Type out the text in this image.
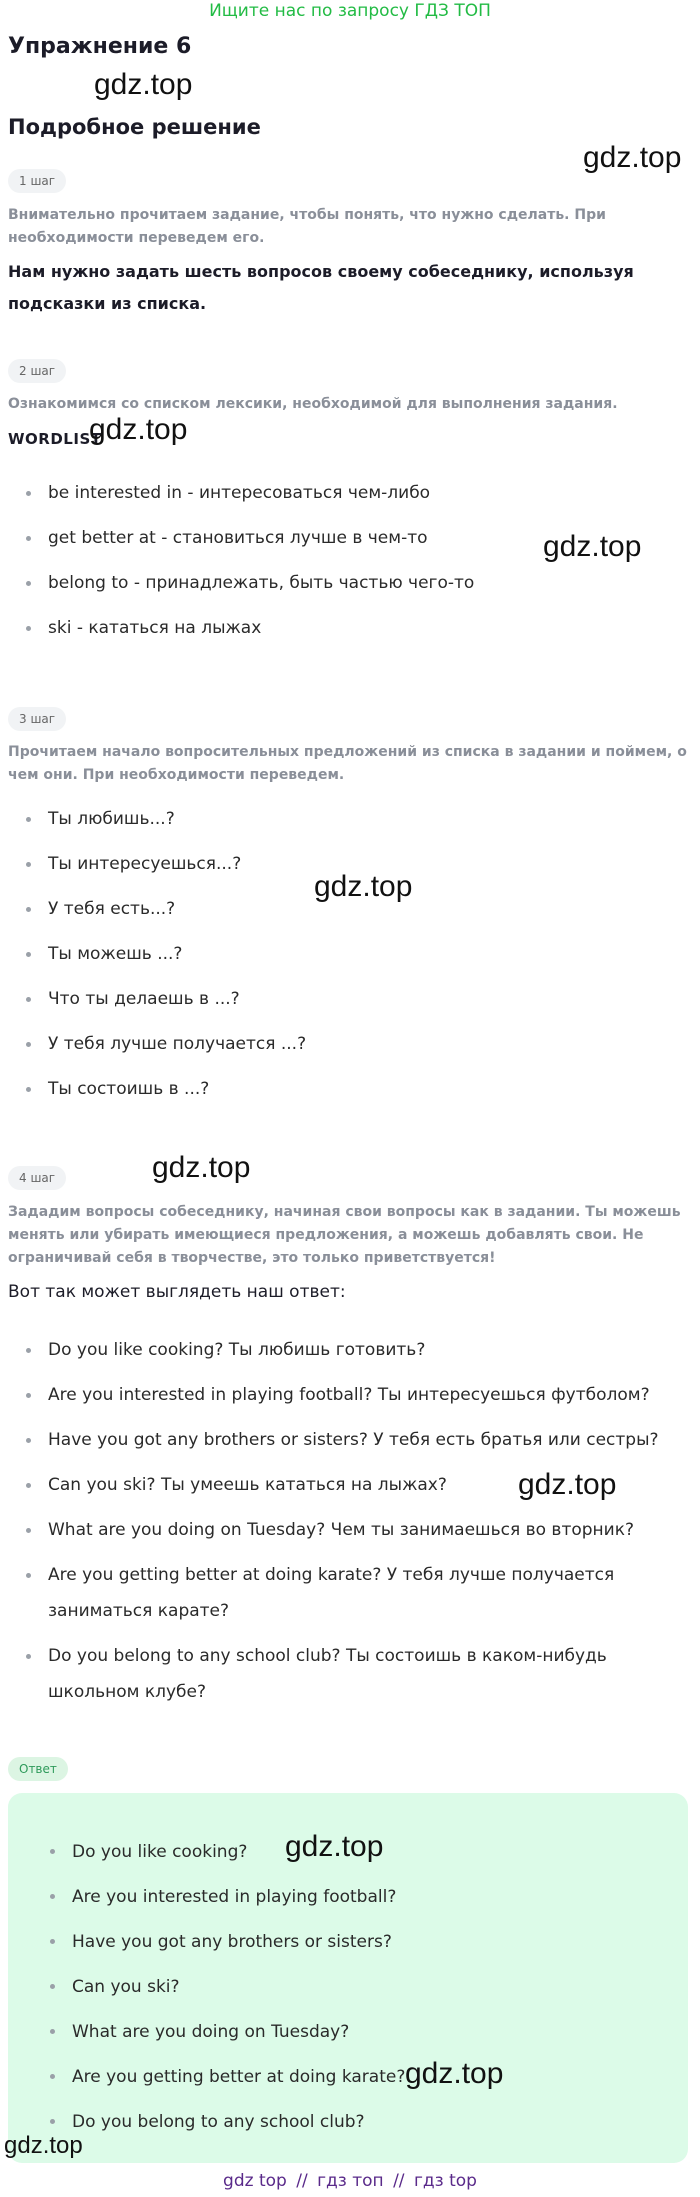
Ищите нас по запросу ГДЗ ТОП
Упражнение 6
gdz.top
Подробное решение
gdz.top
1 шаг
Внимательно прочитаем задание, чтобы понять, что нужно сделать. При необходимости переведем его.
Нам нужно задать шесть вопросов своему собеседнику, используя подсказки из списка.
2 шаг
Ознакомимся со списком лексики, необходимой для выполнения задания.
WORDLIST
gdz.top
be interested in - интересоваться чем-либо
get better at - становиться лучше в чем-то
belong to - принадлежать, быть частью чего-то
ski - кататься на лыжах
gdz.top
3 шаг
Прочитаем начало вопросительных предложений из списка в задании и поймем, о чем они. При необходимости переведем.
Ты любишь...?
Ты интересуешься...?
У тебя есть...?
Ты можешь ...?
Что ты делаешь в ...?
У тебя лучше получается ...?
Ты состоишь в ...?
gdz.top
4 шаг	gdz.top
Зададим вопросы собеседнику, начиная свои вопросы как в задании. Ты можешь менять или убирать имеющиеся предложения, а можешь добавлять свои. Не ограничивай себя в творчестве, это только приветствуется!
Вот так может выглядеть наш ответ:
Do you like cooking? Ты любишь готовить?
Are you interested in playing football? Ты интересуешься футболом?
Have you got any brothers or sisters? У тебя есть братья или сестры?
Can you ski? Ты умеешь кататься на лыжах?
What are you doing on Tuesday? Чем ты занимаешься во вторник?
Are you getting better at doing karate? У тебя лучше получается заниматься карате?
Do you belong to any school club? Ты состоишь в каком-нибудь школьном клубе?
gdz.top
Ответ
Do you like cooking?
Are you interested in playing football?
Have you got any brothers or sisters?
Can you ski?
What are you doing on Tuesday?
Are you getting better at doing karate?
Do you belong to any school club?
gdz.top
gdz.top
gdz.top
gdz top // гдз топ // гдз top
